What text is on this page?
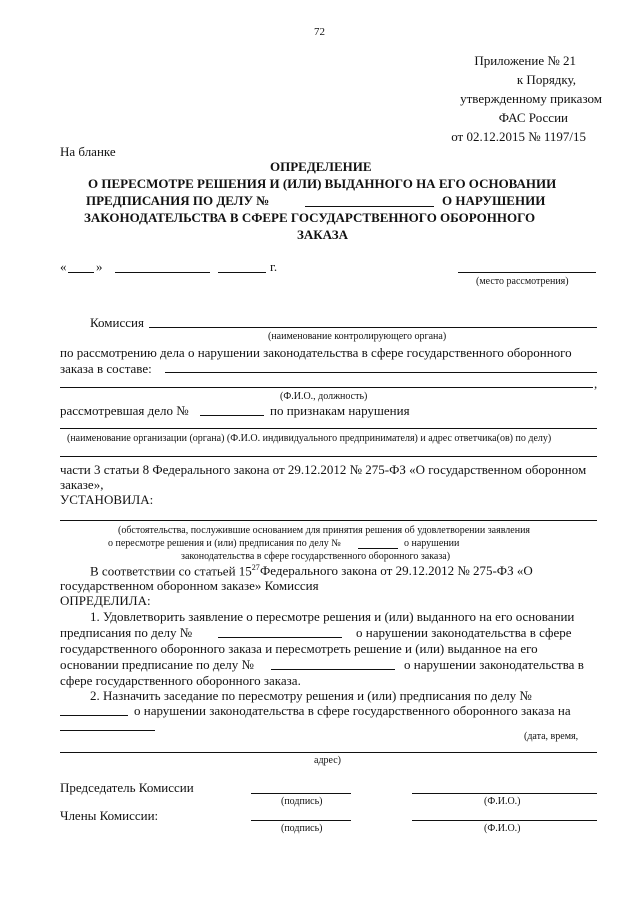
72
Приложение № 21
к Порядку,
утвержденному приказом
ФАС России
от 02.12.2015 № 1197/15
На бланке
ОПРЕДЕЛЕНИЕ
О ПЕРЕСМОТРЕ РЕШЕНИЯ И (ИЛИ) ВЫДАННОГО НА ЕГО ОСНОВАНИИ
ПРЕДПИСАНИЯ ПО ДЕЛУ №	О НАРУШЕНИИ
ЗАКОНОДАТЕЛЬСТВА В СФЕРЕ ГОСУДАРСТВЕННОГО ОБОРОННОГО
ЗАКАЗА
« »	г.
(место рассмотрения)
Комиссия
(наименование контролирующего органа)
по рассмотрению дела о нарушении законодательства в сфере государственного оборонного
заказа в составе:
,
(Ф.И.О., должность)
рассмотревшая дело №	по признакам нарушения
(наименование организации (органа) (Ф.И.О. индивидуального предпринимателя) и адрес ответчика(ов) по делу)
части 3 статьи 8 Федерального закона от 29.12.2012 № 275-ФЗ «О государственном оборонном
заказе»,
УСТАНОВИЛА:
(обстоятельства, послужившие основанием для принятия решения об удовлетворении заявления
о пересмотре решения и (или) предписания по делу №	о нарушении
законодательства в сфере государственного оборонного заказа)
В соответствии со статьей $15^{27}$ Федерального закона от 29.12.2012 № 275-ФЗ «О
государственном оборонном заказе» Комиссия
ОПРЕДЕЛИЛА:
1. Удовлетворить заявление о пересмотре решения и (или) выданного на его основании
предписания по делу №	о нарушении законодательства в сфере
государственного оборонного заказа и пересмотреть решение и (или) выданное на его
основании предписание по делу №	о нарушении законодательства в
сфере государственного оборонного заказа.
2. Назначить заседание по пересмотру решения и (или) предписания по делу №
о нарушении законодательства в сфере государственного оборонного заказа на
(дата, время,
адрес)
Председатель Комиссии
(подпись)	(Ф.И.О.)
Члены Комиссии:
(подпись)	(Ф.И.О.)
